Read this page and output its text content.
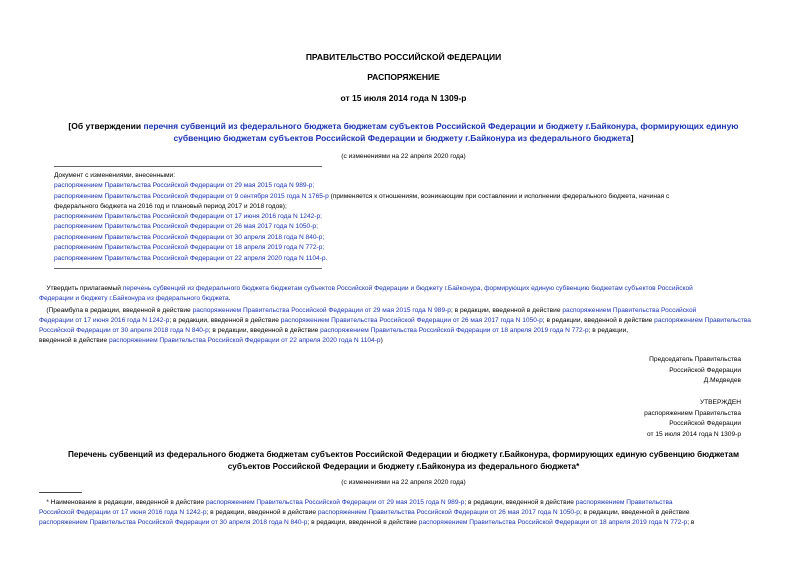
ПРАВИТЕЛЬСТВО РОССИЙСКОЙ ФЕДЕРАЦИИ
РАСПОРЯЖЕНИЕ
от 15 июля 2014 года N 1309-р
[Об утверждении перечня субвенций из федерального бюджета бюджетам субъектов Российской Федерации и бюджету г.Байконура, формирующих единую
субвенцию бюджетам субъектов Российской Федерации и бюджету г.Байконура из федерального бюджета]
(с изменениями на 22 апреля 2020 года)
Документ с изменениями, внесенными:
распоряжением Правительства Российской Федерации от 29 мая 2015 года N 989-р;
распоряжением Правительства Российской Федерации от 9 сентября 2015 года N 1765-р (применяется к отношениям, возникающим при составлении и исполнении федерального бюджета, начиная с
федерального бюджета на 2016 год и плановый период 2017 и 2018 годов);
распоряжением Правительства Российской Федерации от 17 июня 2016 года N 1242-р;
распоряжением Правительства Российской Федерации от 26 мая 2017 года N 1050-р;
распоряжением Правительства Российской Федерации от 30 апреля 2018 года N 840-р;
распоряжением Правительства Российской Федерации от 18 апреля 2019 года N 772-р;
распоряжением Правительства Российской Федерации от 22 апреля 2020 года N 1104-р.
Утвердить прилагаемый перечень субвенций из федерального бюджета бюджетам субъектов Российской Федерации и бюджету г.Байконура, формирующих единую субвенцию бюджетам субъектов Российской
Федерации и бюджету г.Байконура из федерального бюджета.
(Преамбула в редакции, введенной в действие распоряжением Правительства Российской Федерации от 29 мая 2015 года N 989-р; в редакции, введенной в действие распоряжением Правительства Российской
Федерации от 17 июня 2016 года N 1242-р; в редакции, введенной в действие распоряжением Правительства Российской Федерации от 26 мая 2017 года N 1050-р; в редакции, введенной в действие распоряжением Правительства
Российской Федерации от 30 апреля 2018 года N 840-р; в редакции, введенной в действие распоряжением Правительства Российской Федерации от 18 апреля 2019 года N 772-р; в редакции,
введенной в действие распоряжением Правительства Российской Федерации от 22 апреля 2020 года N 1104-р)
Председатель Правительства
Российской Федерации
Д.Медведев
УТВЕРЖДЕН
распоряжением Правительства
Российской Федерации
от 15 июля 2014 года N 1309-р
Перечень субвенций из федерального бюджета бюджетам субъектов Российской Федерации и бюджету г.Байконура, формирующих единую субвенцию бюджетам
субъектов Российской Федерации и бюджету г.Байконура из федерального бюджета*
(с изменениями на 22 апреля 2020 года)
* Наименование в редакции, введенной в действие распоряжением Правительства Российской Федерации от 29 мая 2015 года N 989-р; в редакции, введенной в действие распоряжением Правительства
Российской Федерации от 17 июня 2016 года N 1242-р; в редакции, введенной в действие распоряжением Правительства Российской Федерации от 26 мая 2017 года N 1050-р; в редакции, введенной в действие
распоряжением Правительства Российской Федерации от 30 апреля 2018 года N 840-р; в редакции, введенной в действие распоряжением Правительства Российской Федерации от 18 апреля 2019 года N 772-р; в
